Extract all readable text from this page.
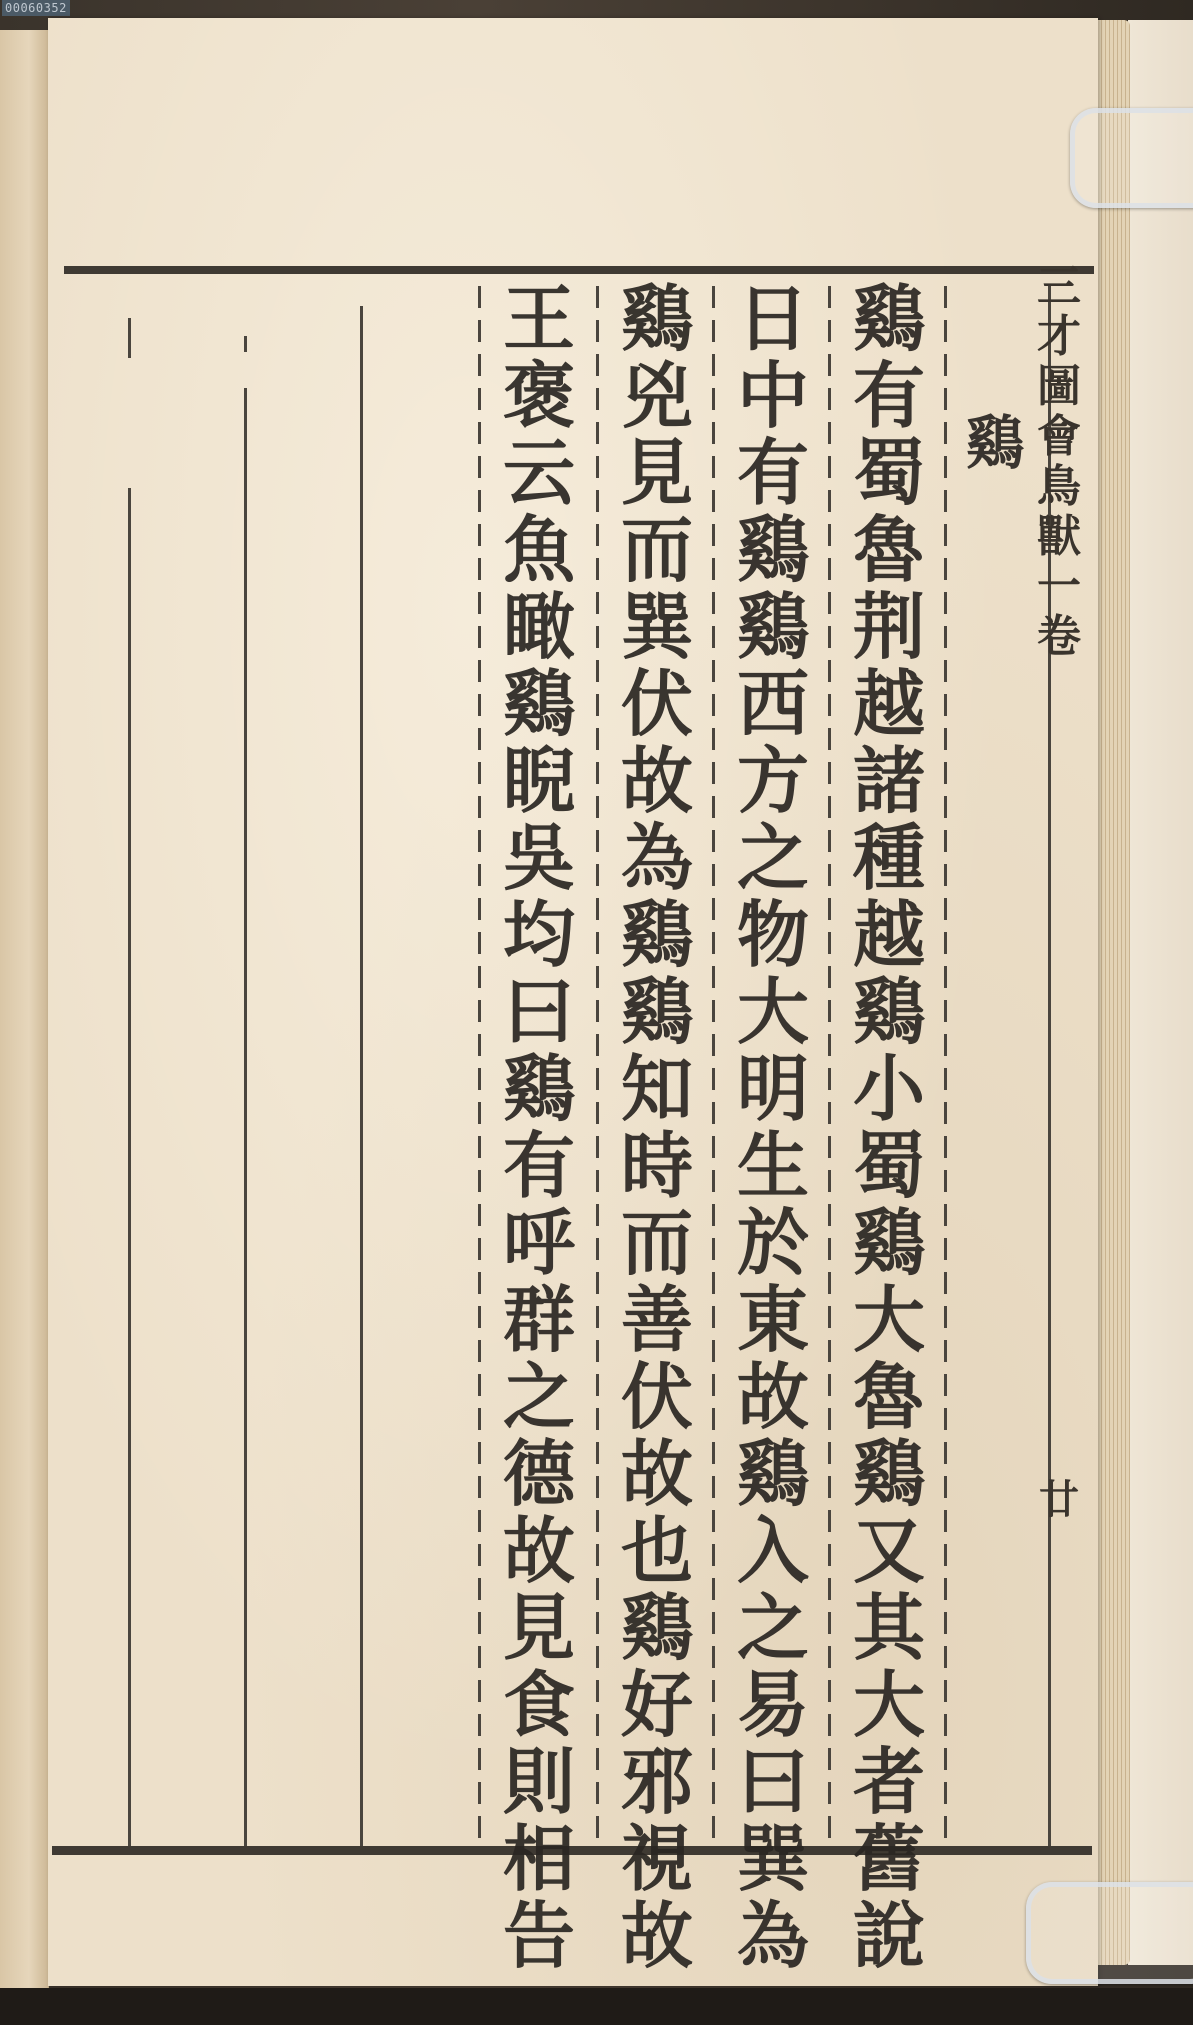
00060352
鷄
鷄有蜀魯荆越諸種越鷄小蜀鷄大魯鷄又其大者舊說
日中有鷄鷄西方之物大明生於東故鷄入之易曰巽為
鷄兇見而巽伏故為鷄鷄知時而善伏故也鷄好邪視故
王褒云魚瞰鷄睨吳均曰鷄有呼群之德故見食則相告
三才圖會鳥獸一卷
廿
